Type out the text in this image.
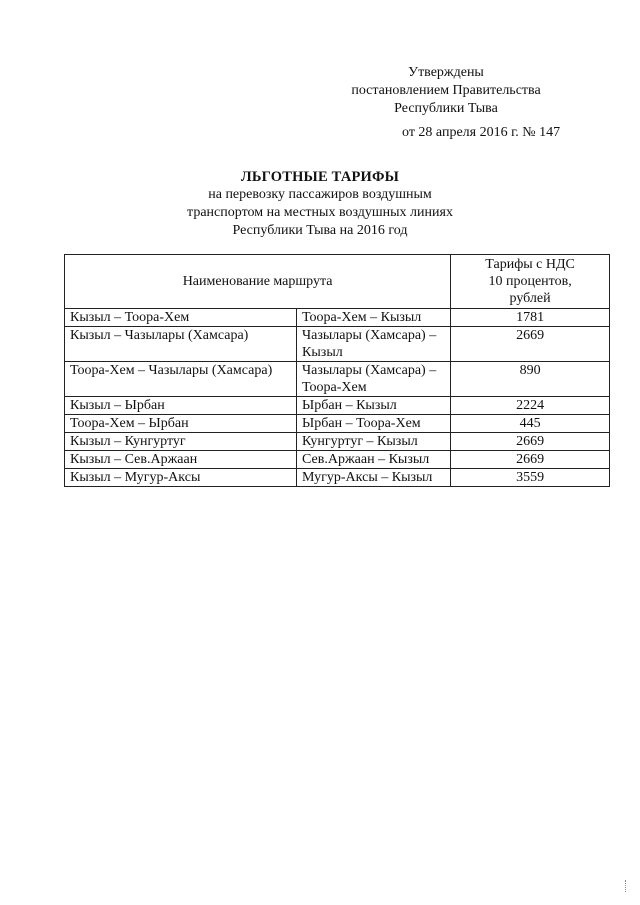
Утверждены
постановлением Правительства
Республики Тыва
от 28 апреля 2016 г. № 147
ЛЬГОТНЫЕ ТАРИФЫ
на перевозку пассажиров воздушным
транспортом на местных воздушных линиях
Республики Тыва на 2016 год
Наименование маршрута		Тарифы с НДС
10 процентов,
рублей

Кызыл – Тоора-Хем	Тоора-Хем – Кызыл	1781
Кызыл – Чазылары (Хамсара)	Чазылары (Хамсара) – Кызыл	2669
Тоора-Хем – Чазылары (Хамсара)	Чазылары (Хамсара) – Тоора-Хем	890
Кызыл – Ырбан	Ырбан – Кызыл	2224
Тоора-Хем – Ырбан	Ырбан – Тоора-Хем	445
Кызыл – Кунгуртуг	Кунгуртуг – Кызыл	2669
Кызыл – Сев.Аржаан	Сев.Аржаан – Кызыл	2669
Кызыл – Мугур-Аксы	Мугур-Аксы – Кызыл	3559
